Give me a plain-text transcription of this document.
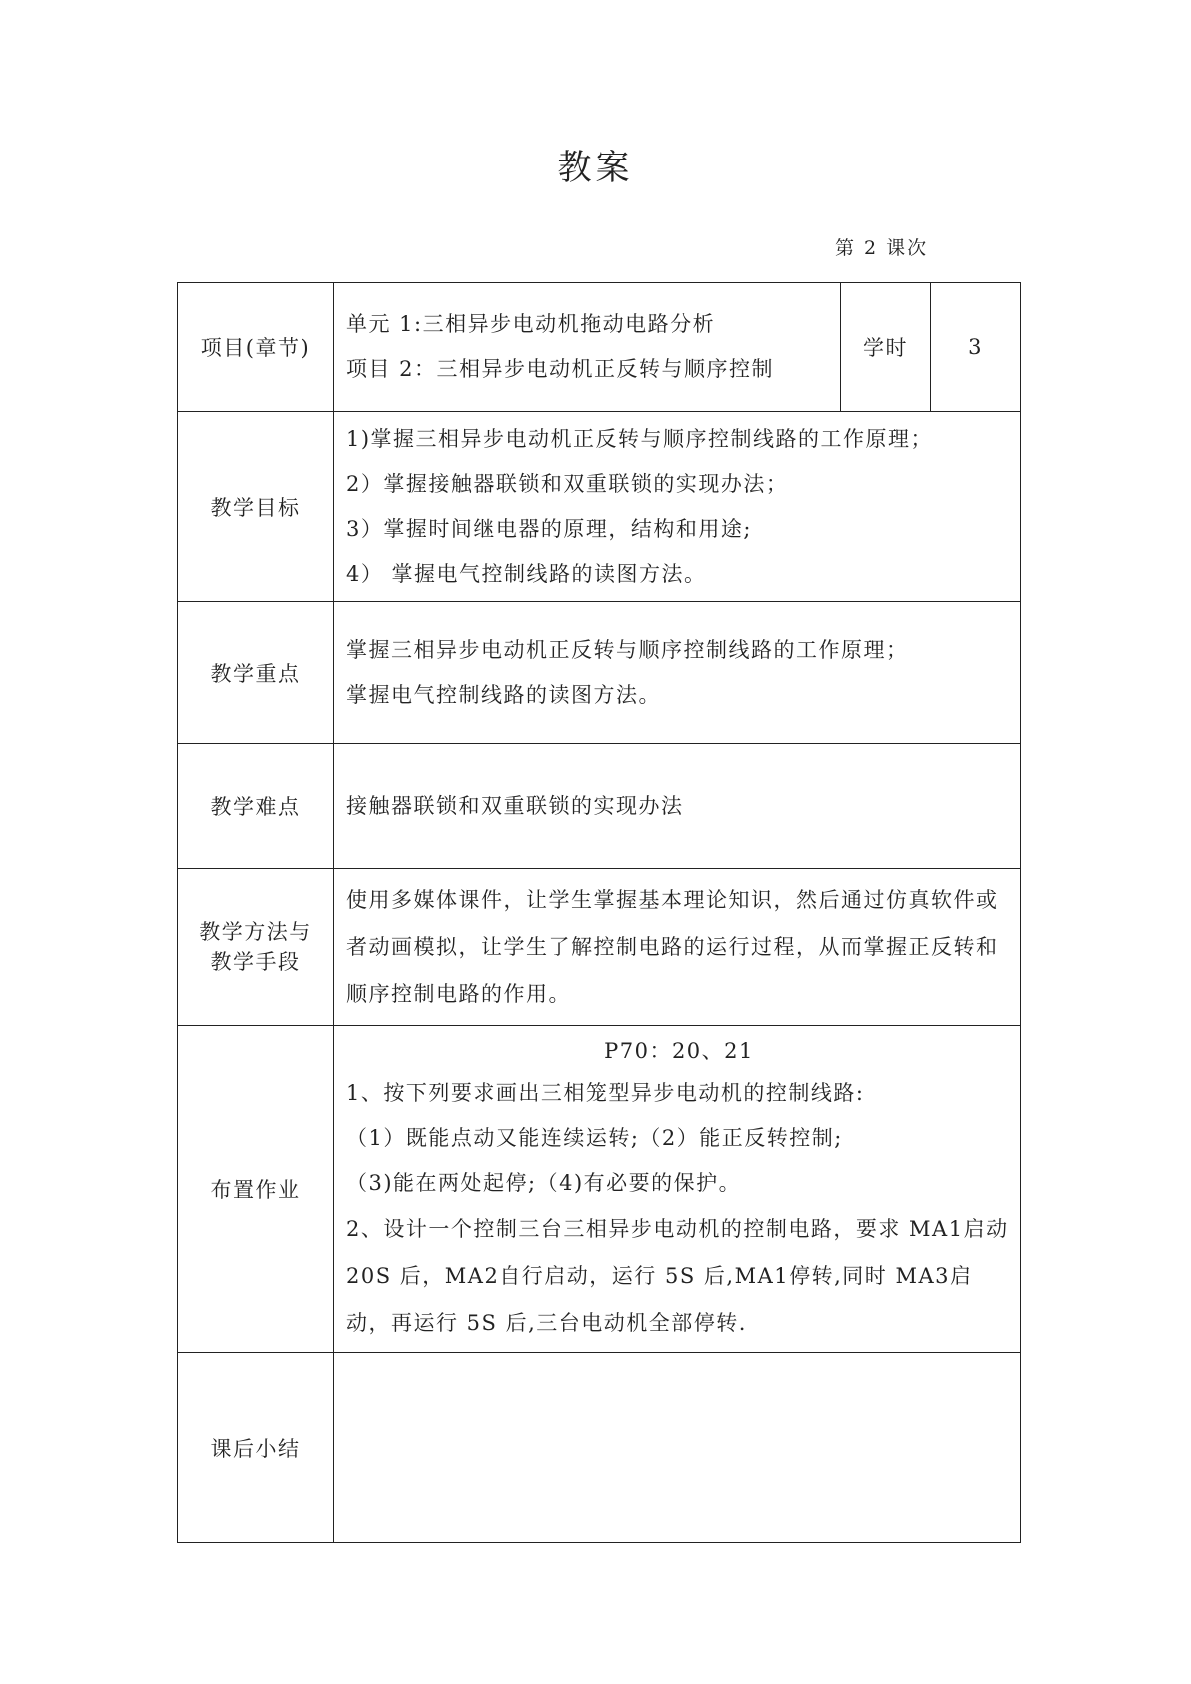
教案
第 2 课次
项目(章节)	单元 1:三相异步电动机拖动电路分析
项目 2：三相异步电动机正反转与顺序控制	学时	3
教学目标	1)掌握三相异步电动机正反转与顺序控制线路的工作原理；
2）掌握接触器联锁和双重联锁的实现办法；
3）掌握时间继电器的原理，结构和用途;
4） 掌握电气控制线路的读图方法。		

教学重点	掌握三相异步电动机正反转与顺序控制线路的工作原理；
掌握电气控制线路的读图方法。		

教学难点	接触器联锁和双重联锁的实现办法		

教学方法与
教学手段	使用多媒体课件，让学生掌握基本理论知识，然后通过仿真软件或者动画模拟，让学生了解控制电路的运行过程，从而掌握正反转和顺序控制电路的作用。		

布置作业	P70：20、21
1、按下列要求画出三相笼型异步电动机的控制线路:
（1）既能点动又能连续运转;（2）能正反转控制;
（3)能在两处起停;（4)有必要的保护。
2、设计一个控制三台三相异步电动机的控制电路，要求 MA1启动 20S 后，MA2自行启动，运行 5S 后,MA1停转,同时 MA3启动，再运行 5S 后,三台电动机全部停转.		

课后小结			
